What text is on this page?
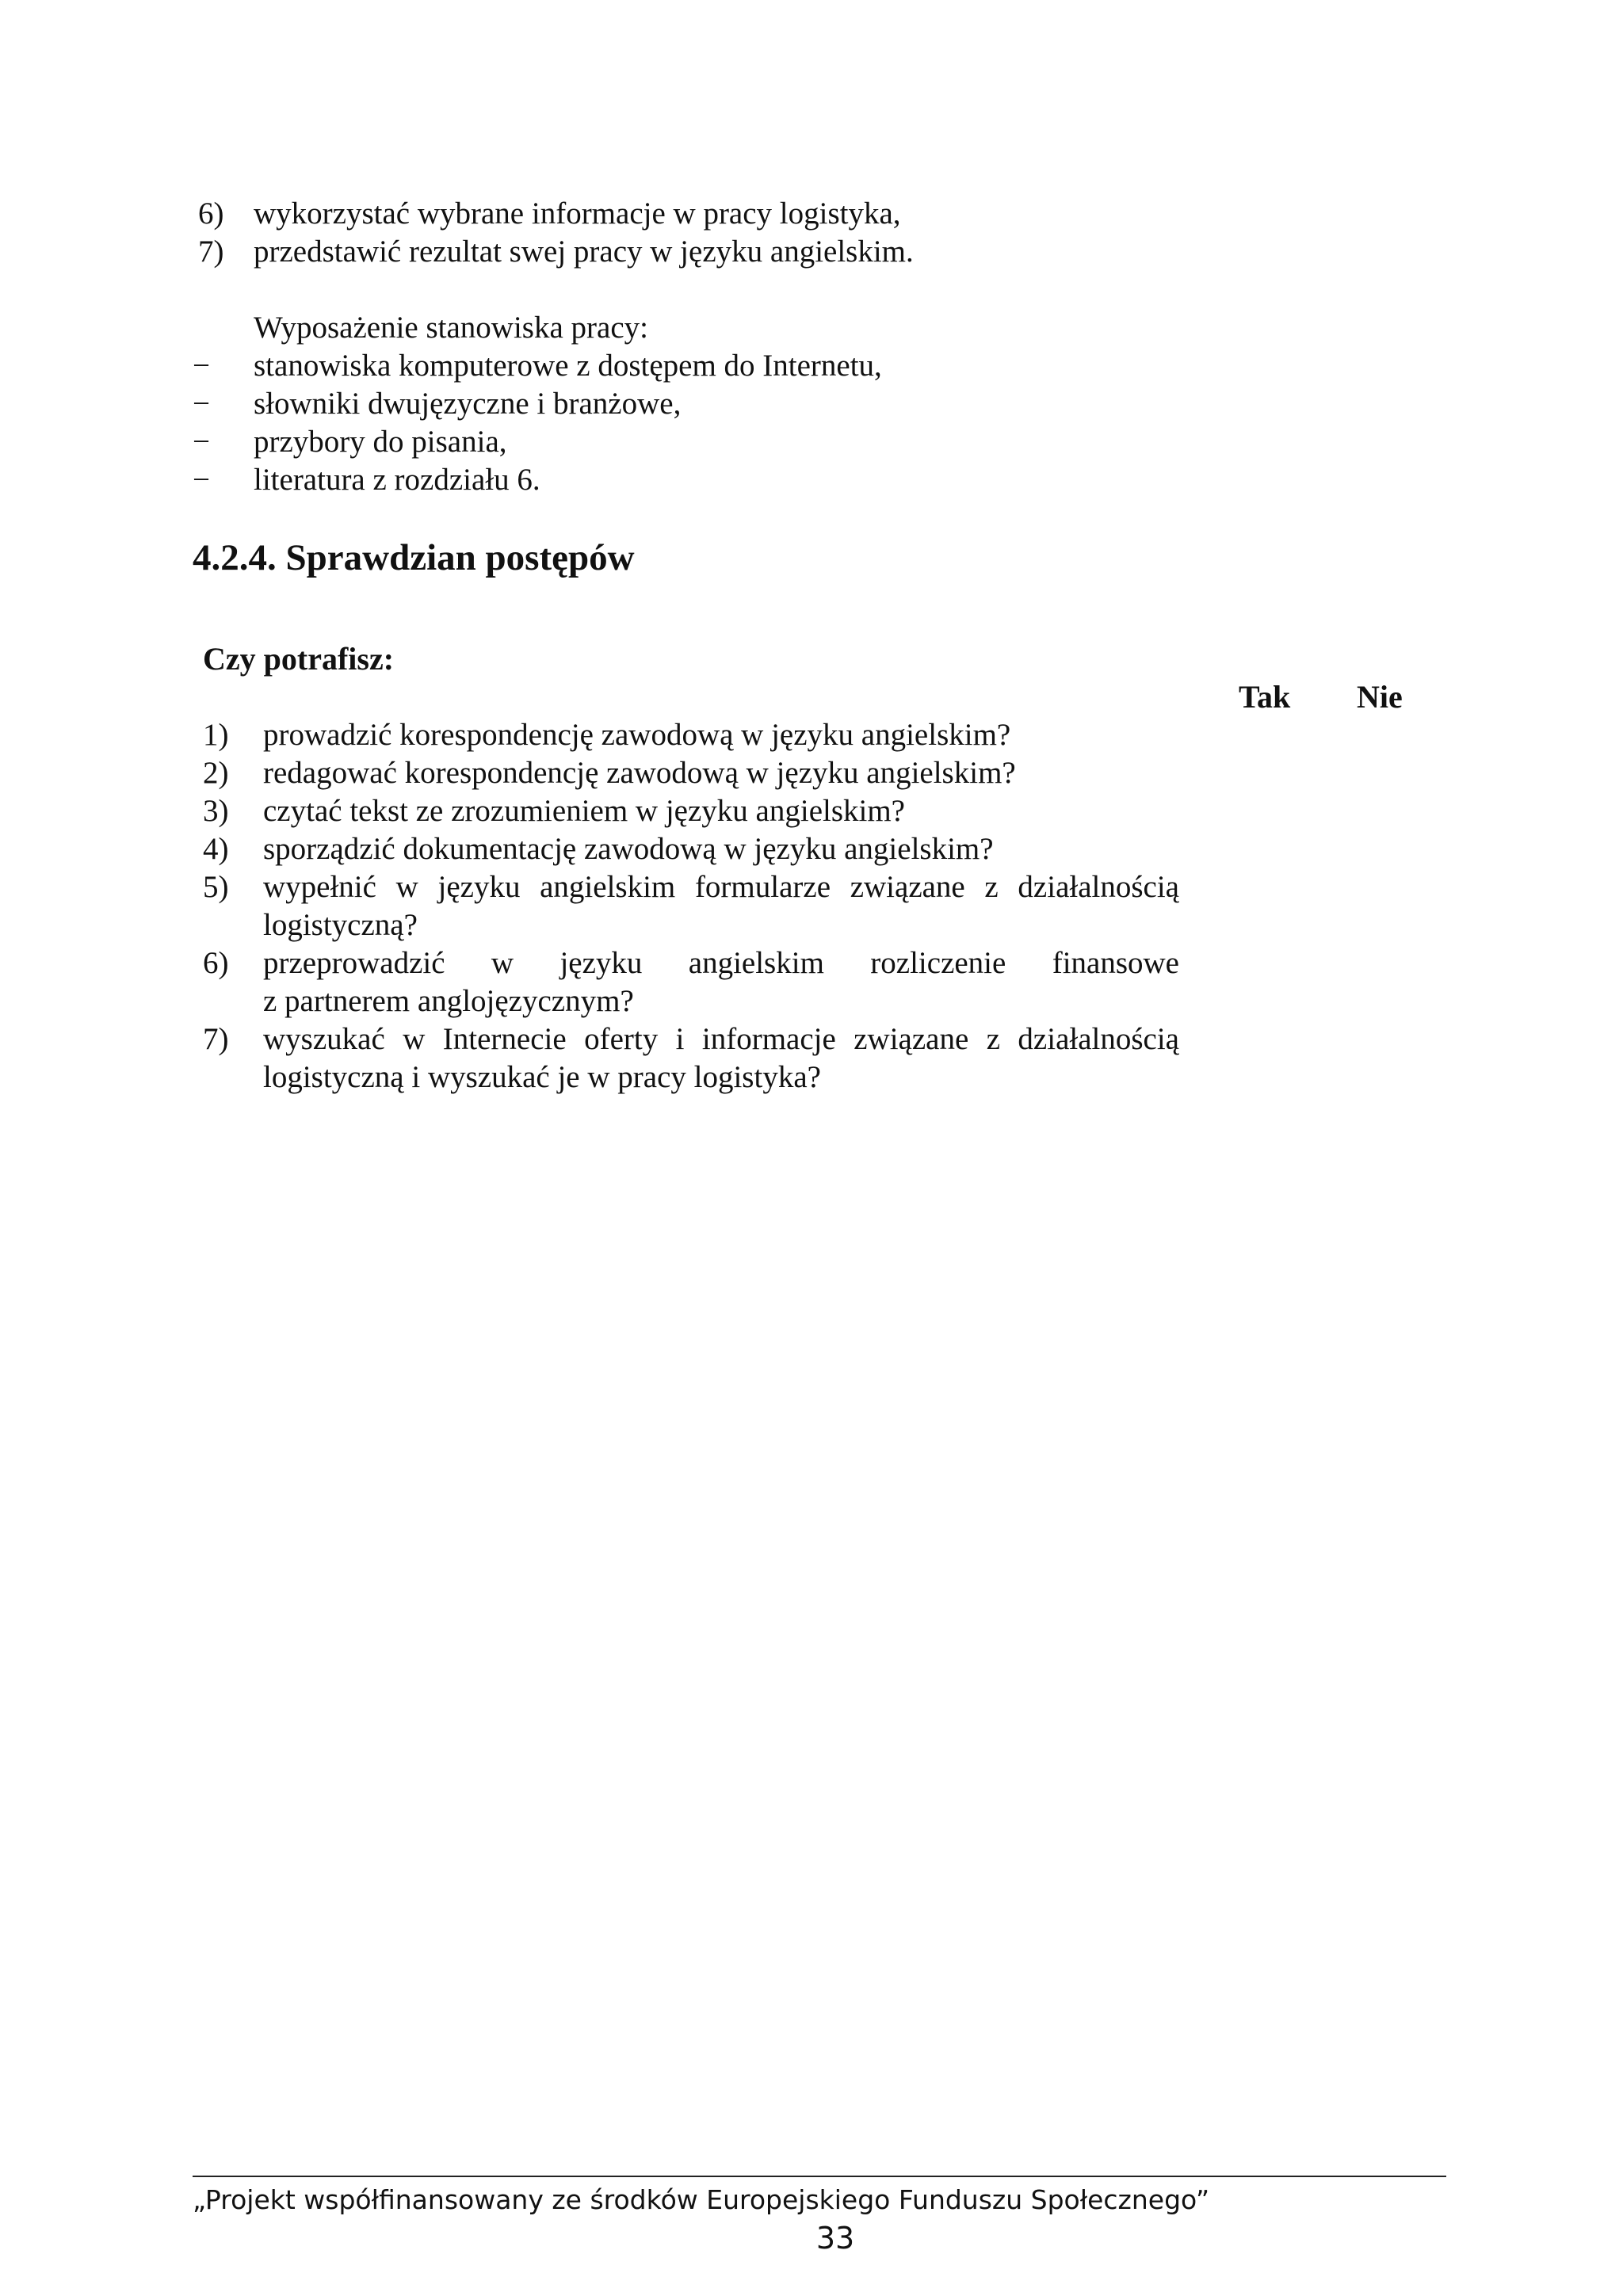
6) wykorzystać wybrane informacje w pracy logistyka,
7) przedstawić rezultat swej pracy w języku angielskim.
Wyposażenie stanowiska pracy:
− stanowiska komputerowe z dostępem do Internetu,
− słowniki dwujęzyczne i branżowe,
− przybory do pisania,
− literatura z rozdziału 6.
4.2.4. Sprawdzian postępów
Czy potrafisz:
Tak Nie
1) prowadzić korespondencję zawodową w języku angielskim?
2) redagować korespondencję zawodową w języku angielskim?
3) czytać tekst ze zrozumieniem w języku angielskim?
4) sporządzić dokumentację zawodową w języku angielskim?
5) wypełnić w języku angielskim formularze związane z działalnością
logistyczną?
6) przeprowadzić w języku angielskim rozliczenie finansowe
z partnerem anglojęzycznym?
7) wyszukać w Internecie oferty i informacje związane z działalnością
logistyczną i wyszukać je w pracy logistyka?
„Projekt współfinansowany ze środków Europejskiego Funduszu Społecznego”
33
